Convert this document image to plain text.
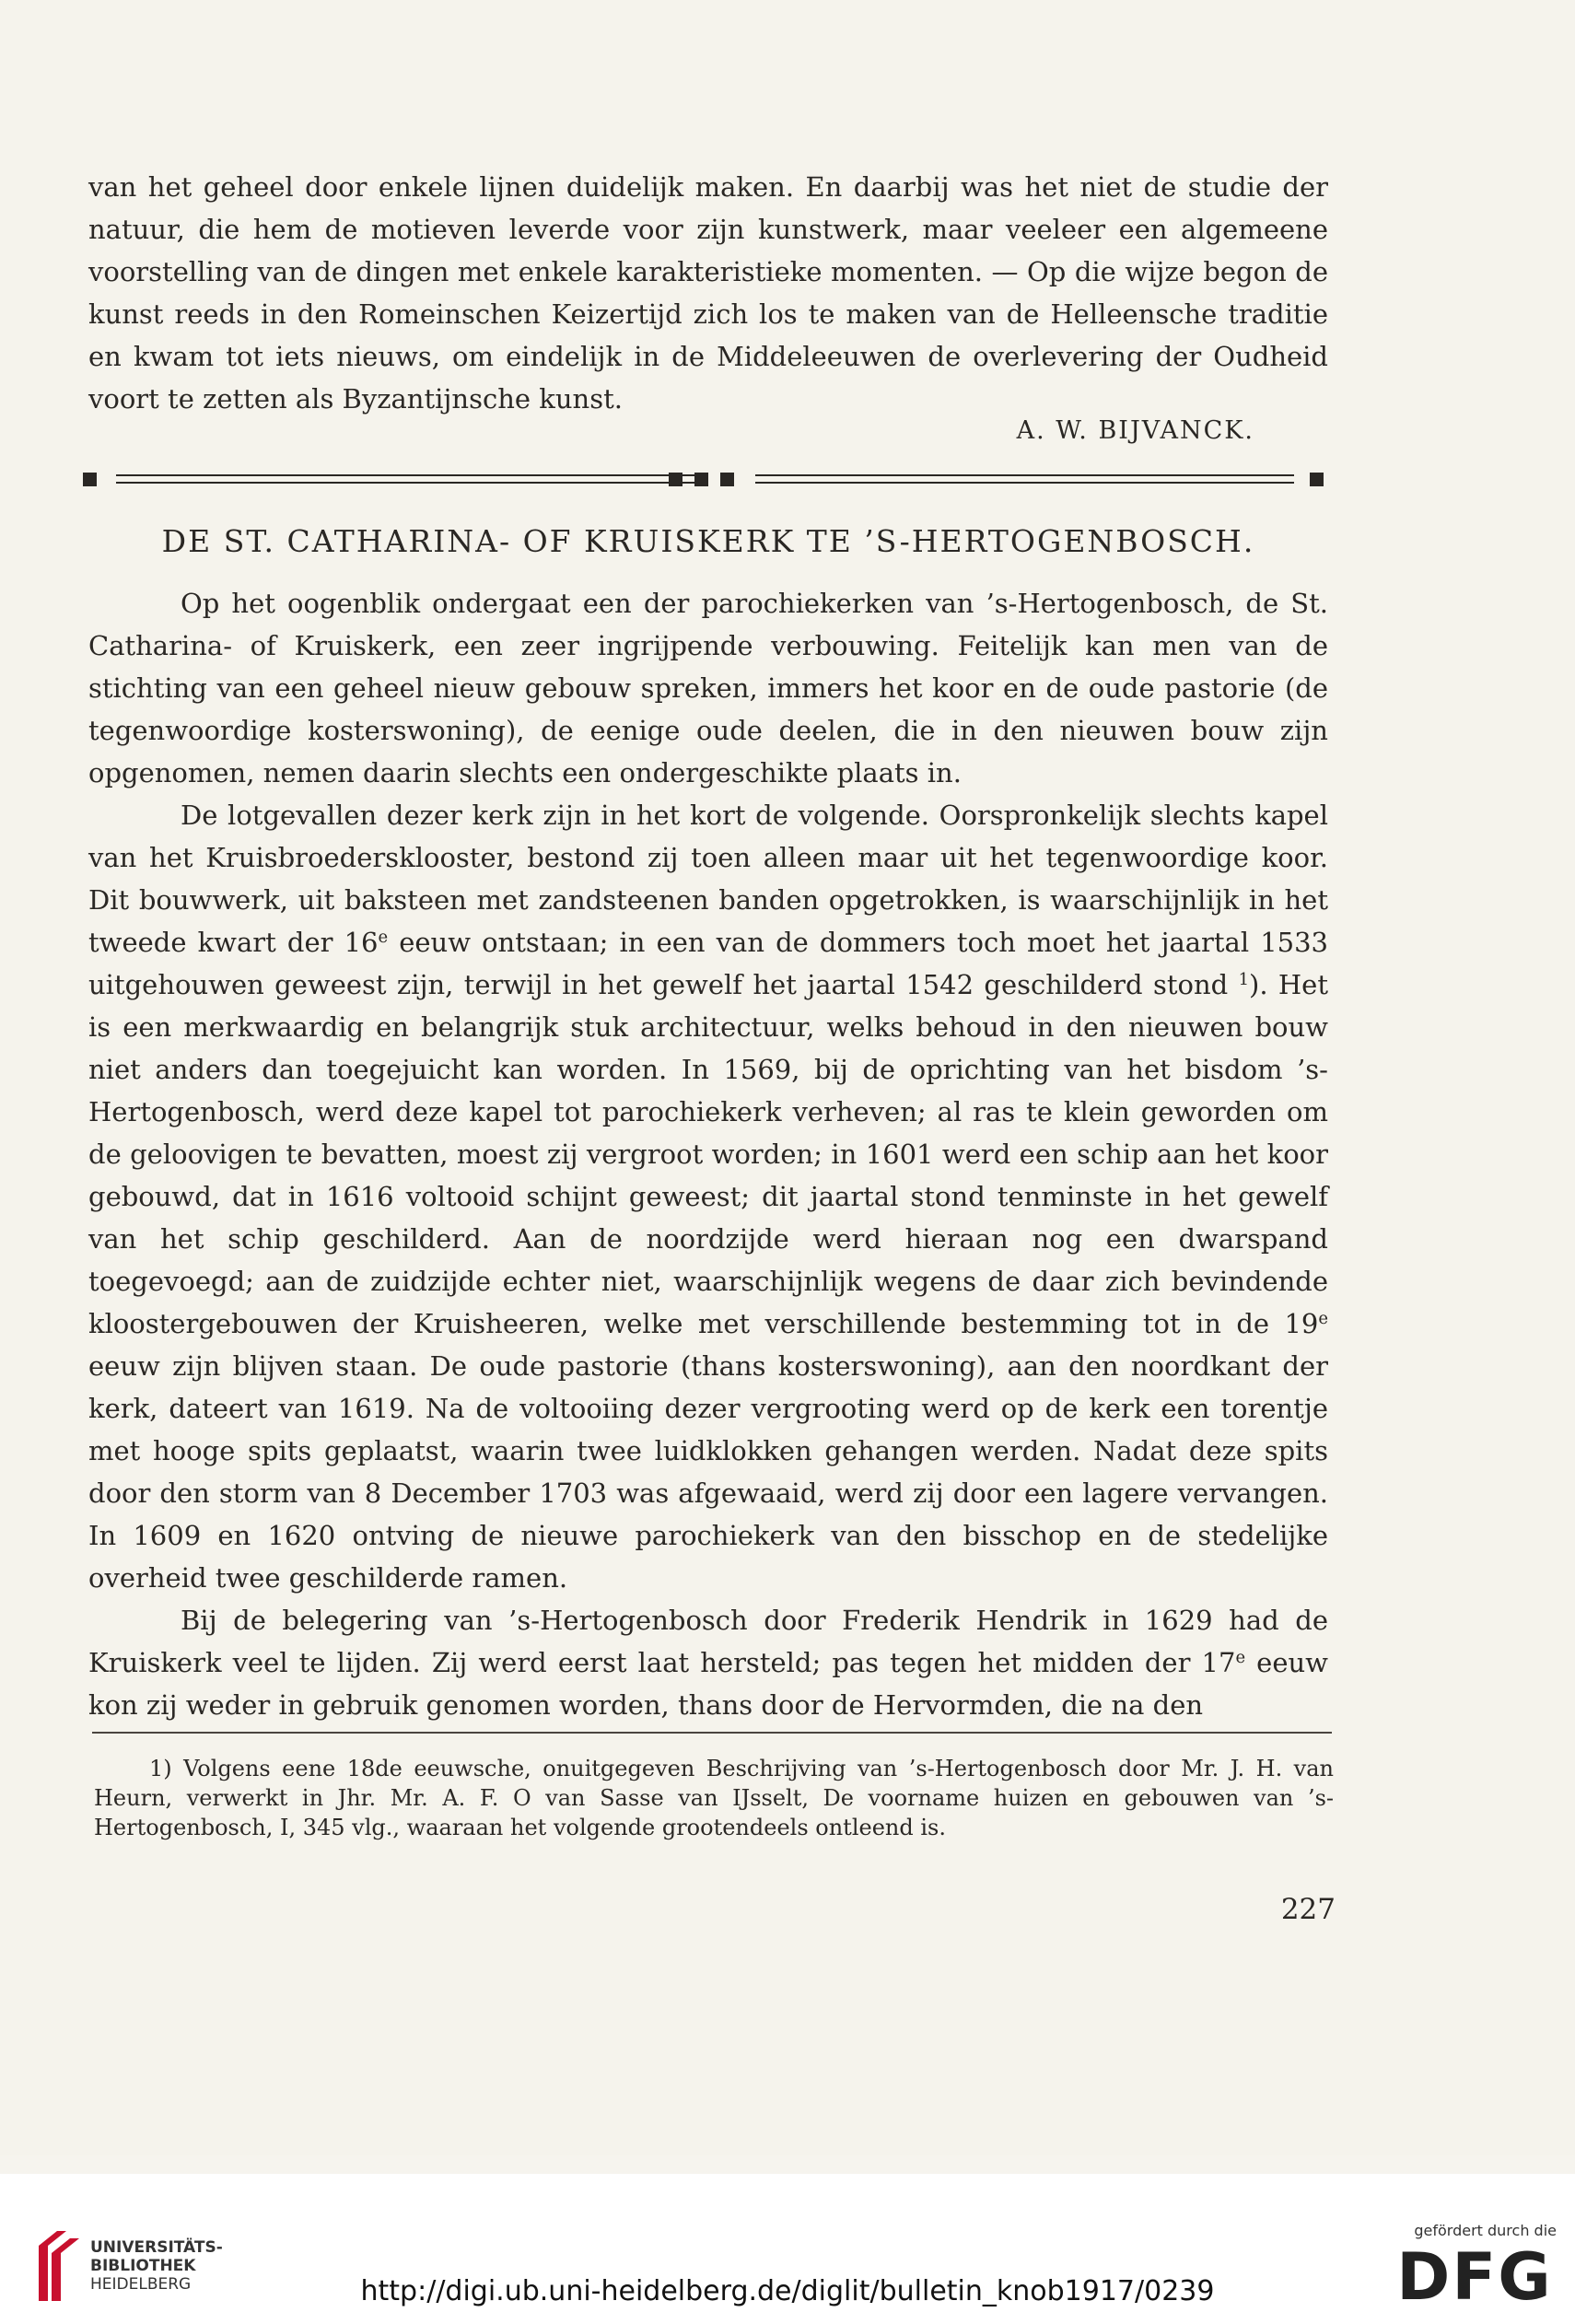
van het geheel door enkele lijnen duidelijk maken. En daarbij was het niet de studie der natuur, die hem de motieven leverde voor zijn kunstwerk, maar veeleer een algemeene voorstelling van de dingen met enkele karakteristieke momenten. — Op die wijze begon de kunst reeds in den Romeinschen Keizertijd zich los te maken van de Helleensche traditie en kwam tot iets nieuws, om eindelijk in de Middeleeuwen de overlevering der Oudheid voort te zetten als Byzantijnsche kunst.

A. W. BIJVANCK.
DE ST. CATHARINA- OF KRUISKERK TE ’S-HERTOGENBOSCH.

Op het oogenblik ondergaat een der parochiekerken van ’s-Hertogenbosch, de St. Catharina- of Kruiskerk, een zeer ingrijpende verbouwing. Feitelijk kan men van de stichting van een geheel nieuw gebouw spreken, immers het koor en de oude pastorie (de tegenwoordige kosterswoning), de eenige oude deelen, die in den nieuwen bouw zijn opgenomen, nemen daarin slechts een ondergeschikte plaats in.

De lotgevallen dezer kerk zijn in het kort de volgende. Oorspronkelijk slechts kapel van het Kruisbroedersklooster, bestond zij toen alleen maar uit het tegenwoordige koor. Dit bouwwerk, uit baksteen met zandsteenen banden opgetrokken, is waarschijnlijk in het tweede kwart der 16e eeuw ontstaan; in een van de dommers toch moet het jaartal 1533 uitgehouwen geweest zijn, terwijl in het gewelf het jaartal 1542 geschilderd stond $^1$). Het is een merkwaardig en belangrijk stuk architectuur, welks behoud in den nieuwen bouw niet anders dan toegejuicht kan worden. In 1569, bij de oprichting van het bisdom ’s-Hertogenbosch, werd deze kapel tot parochiekerk verheven; al ras te klein geworden om de geloovigen te bevatten, moest zij vergroot worden; in 1601 werd een schip aan het koor gebouwd, dat in 1616 voltooid schijnt geweest; dit jaartal stond tenminste in het gewelf van het schip geschilderd. Aan de noordzijde werd hieraan nog een dwarspand toegevoegd; aan de zuidzijde echter niet, waarschijnlijk wegens de daar zich bevindende kloostergebouwen der Kruisheeren, welke met verschillende bestemming tot in de 19e eeuw zijn blijven staan. De oude pastorie (thans kosterswoning), aan den noordkant der kerk, dateert van 1619. Na de voltooiing dezer vergrooting werd op de kerk een torentje met hooge spits geplaatst, waarin twee luidklokken gehangen werden. Nadat deze spits door den storm van 8 December 1703 was afgewaaid, werd zij door een lagere vervangen. In 1609 en 1620 ontving de nieuwe parochiekerk van den bisschop en de stedelijke overheid twee geschilderde ramen.

Bij de belegering van ’s-Hertogenbosch door Frederik Hendrik in 1629 had de Kruiskerk veel te lijden. Zij werd eerst laat hersteld; pas tegen het midden der 17e eeuw kon zij weder in gebruik genomen worden, thans door de Hervormden, die na den

1) Volgens eene 18de eeuwsche, onuitgegeven Beschrijving van ’s-Hertogenbosch door Mr. J. H. van Heurn, verwerkt in Jhr. Mr. A. F. O van Sasse van IJsselt, De voorname huizen en gebouwen van ’s-Hertogenbosch, I, 345 vlg., waaraan het volgende grootendeels ontleend is.
227
UNIVERSITÄTS-
BIBLIOTHEK
HEIDELBERG	http://digi.ub.uni-heidelberg.de/diglit/bulletin_knob1917/0239
gefördert durch die
DFG
